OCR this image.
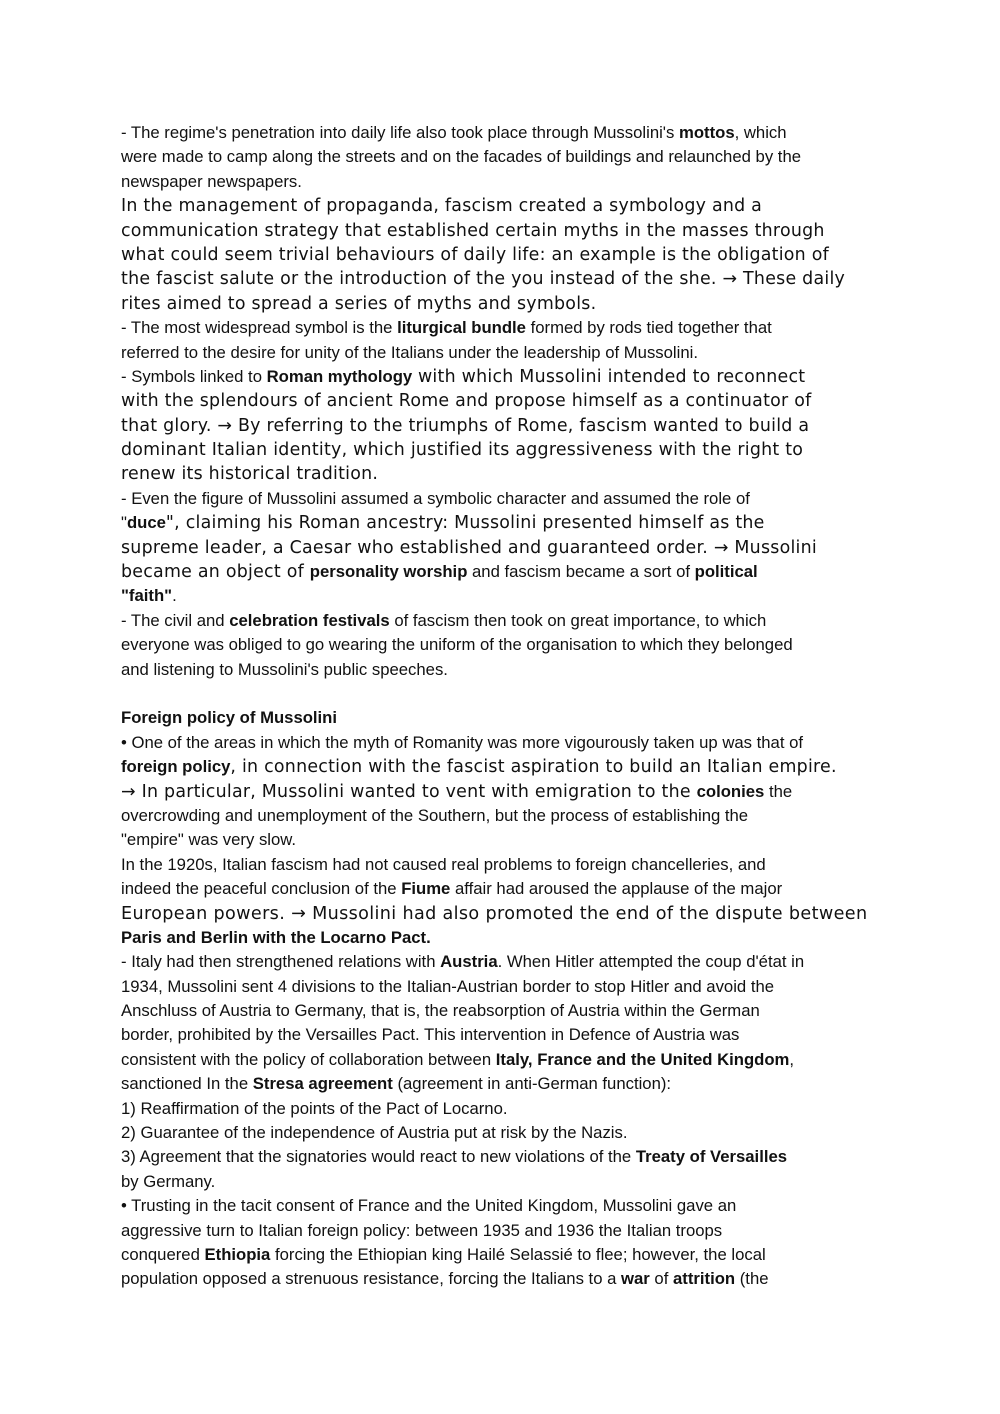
- The regime's penetration into daily life also took place through Mussolini's mottos, which
were made to camp along the streets and on the facades of buildings and relaunched by the
newspaper newspapers.
In the management of propaganda, fascism created a symbology and a
communication strategy that established certain myths in the masses through
what could seem trivial behaviours of daily life: an example is the obligation of
the fascist salute or the introduction of the you instead of the she. → These daily
rites aimed to spread a series of myths and symbols.
- The most widespread symbol is the liturgical bundle formed by rods tied together that
referred to the desire for unity of the Italians under the leadership of Mussolini.
- Symbols linked to Roman mythology with which Mussolini intended to reconnect
with the splendours of ancient Rome and propose himself as a continuator of
that glory. → By referring to the triumphs of Rome, fascism wanted to build a
dominant Italian identity, which justified its aggressiveness with the right to
renew its historical tradition.
- Even the figure of Mussolini assumed a symbolic character and assumed the role of
"duce", claiming his Roman ancestry: Mussolini presented himself as the
supreme leader, a Caesar who established and guaranteed order. → Mussolini
became an object of personality worship and fascism became a sort of political
"faith".
- The civil and celebration festivals of fascism then took on great importance, to which
everyone was obliged to go wearing the uniform of the organisation to which they belonged
and listening to Mussolini's public speeches.
Foreign policy of Mussolini
• One of the areas in which the myth of Romanity was more vigourously taken up was that of
foreign policy, in connection with the fascist aspiration to build an Italian empire.
→ In particular, Mussolini wanted to vent with emigration to the colonies the
overcrowding and unemployment of the Southern, but the process of establishing the
"empire" was very slow.
In the 1920s, Italian fascism had not caused real problems to foreign chancelleries, and
indeed the peaceful conclusion of the Fiume affair had aroused the applause of the major
European powers. → Mussolini had also promoted the end of the dispute between
Paris and Berlin with the Locarno Pact.
- Italy had then strengthened relations with Austria. When Hitler attempted the coup d'état in
1934, Mussolini sent 4 divisions to the Italian-Austrian border to stop Hitler and avoid the
Anschluss of Austria to Germany, that is, the reabsorption of Austria within the German
border, prohibited by the Versailles Pact. This intervention in Defence of Austria was
consistent with the policy of collaboration between Italy, France and the United Kingdom,
sanctioned In the Stresa agreement (agreement in anti-German function):
1) Reaffirmation of the points of the Pact of Locarno.
2) Guarantee of the independence of Austria put at risk by the Nazis.
3) Agreement that the signatories would react to new violations of the Treaty of Versailles
by Germany.
• Trusting in the tacit consent of France and the United Kingdom, Mussolini gave an
aggressive turn to Italian foreign policy: between 1935 and 1936 the Italian troops
conquered Ethiopia forcing the Ethiopian king Hailé Selassié to flee; however, the local
population opposed a strenuous resistance, forcing the Italians to a war of attrition (the
